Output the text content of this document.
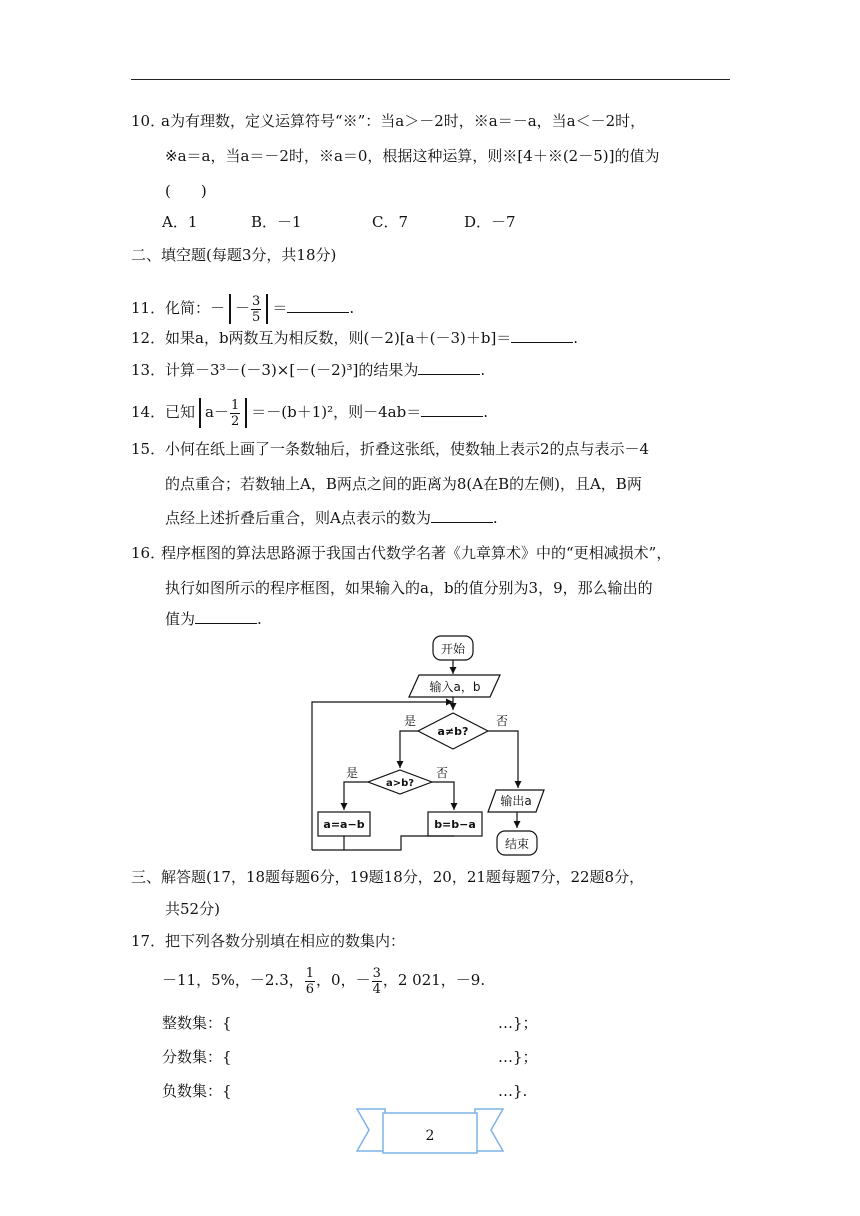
10．
a为有理数，定义运算符号“※”：当a＞－2时，※a＝－a，当a＜－2时，
※a＝a，当a＝－2时，※a＝0，根据这种运算，则※[4＋※(2－5)]的值为
(　　)
A．1	B．－1	C．7	D．－7
二、填空题(每题3分，共18分)
11． 化简：－ － $\frac{3}{5}$ ＝	.
12． 如果a，b两数互为相反数，则(－2)[a＋(－3)＋b]＝	.
13． 计算－3³－(－3)×[－(－2)³]的结果为	.
14． 已知 $a- \frac{1}{2} =-(b+1)^2$，则－4ab＝	.
15． 小何在纸上画了一条数轴后，折叠这张纸，使数轴上表示2的点与表示－4
的点重合；若数轴上A，B两点之间的距离为8(A在B的左侧)，且A，B两
点经上述折叠后重合，则A点表示的数为	.
16．
程序框图的算法思路源于我国古代数学名著《九章算术》中的“更相减损术”，
执行如图所示的程序框图，如果输入的a，b的值分别为3，9，那么输出的
值为	.
开始
输入a，b
a≠b?
是	否
a>b?
是	否
a=a−b	b=b−a
输出a
结束
三、解答题(17，18题每题6分，19题18分，20，21题每题7分，22题8分，
共52分)
17． 把下列各数分别填在相应的数集内：
－11，5%，－2.3， $\frac{1}{6}$ ，0，－ $\frac{3}{4}$ ，2 021，－9.
整数集：{	…}；
分数集：{	…}；
负数集：{	…}.
2
